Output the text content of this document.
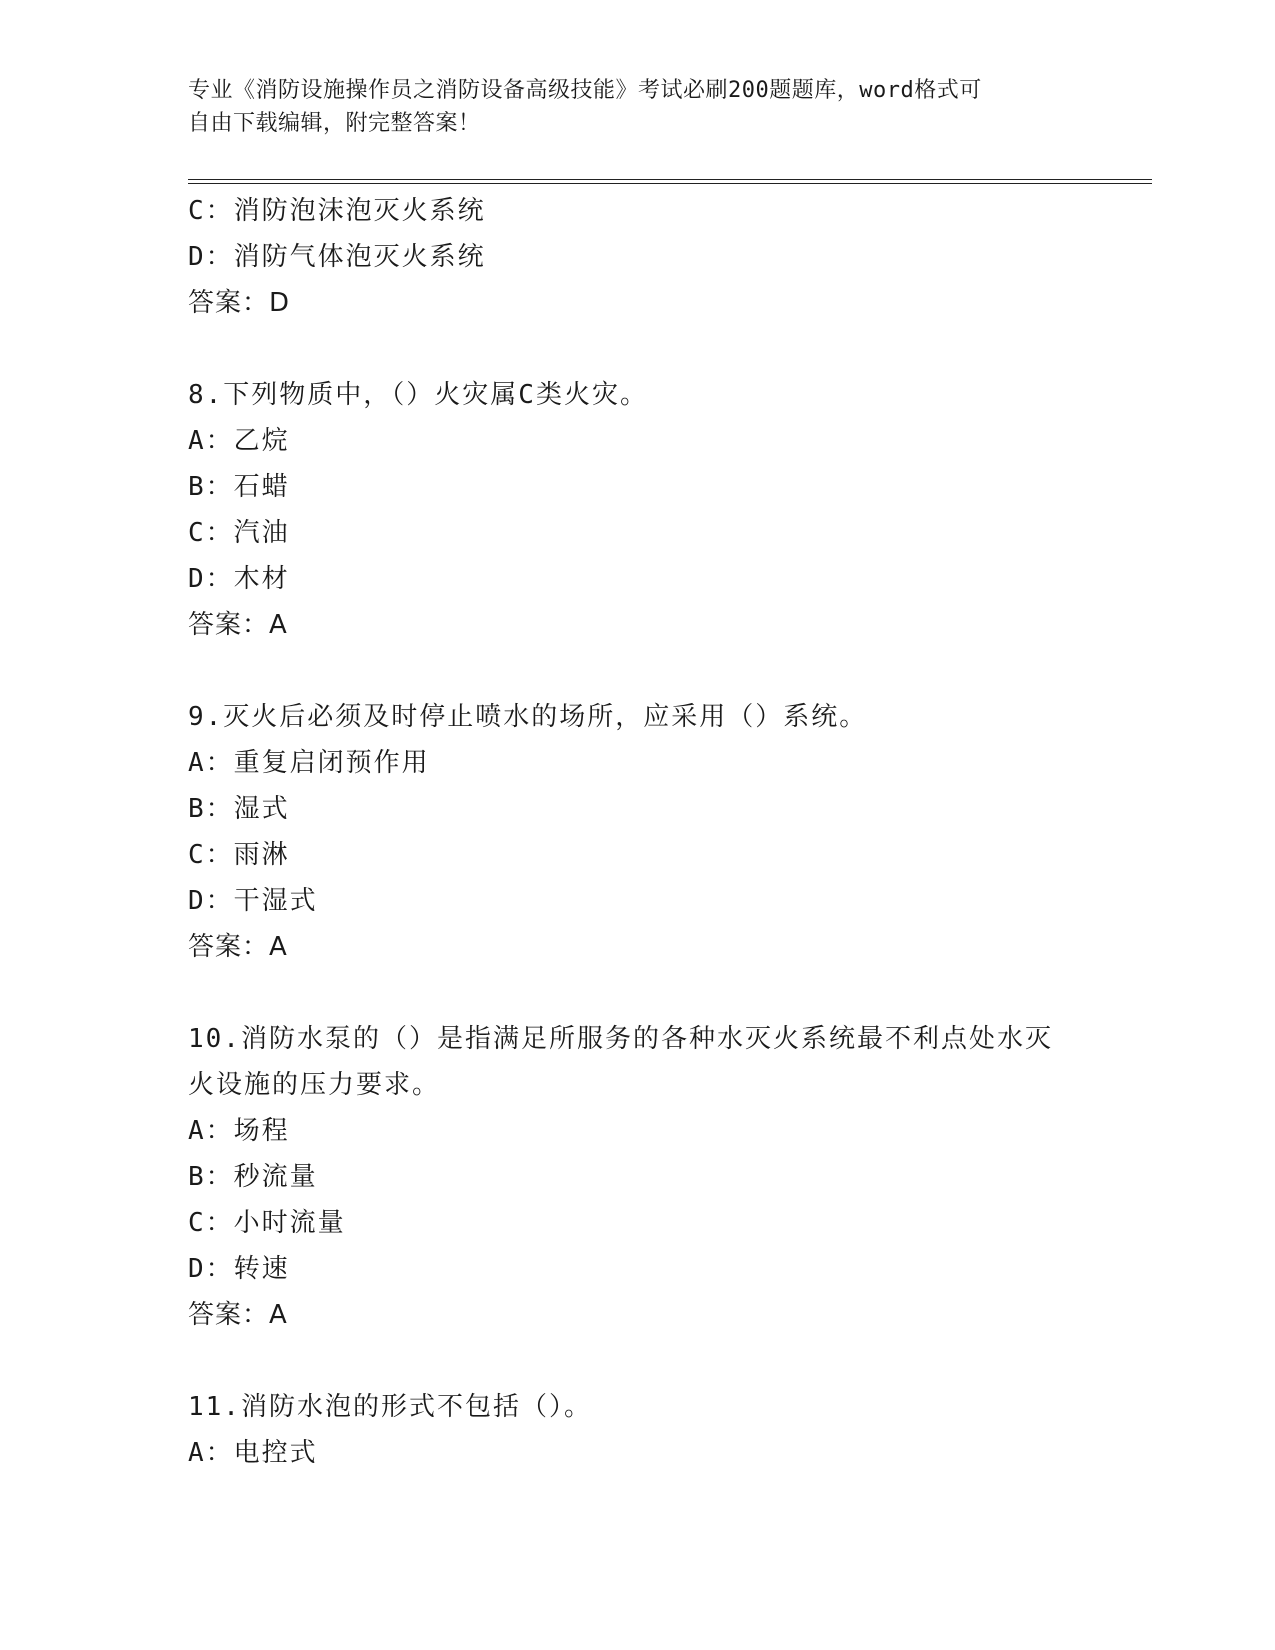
专业《消防设施操作员之消防设备高级技能》考试必刷200题题库，word格式可
自由下载编辑，附完整答案！
C：消防泡沫泡灭火系统
D：消防气体泡灭火系统
答案：D
8.下列物质中，（）火灾属C类火灾。
A：乙烷
B：石蜡
C：汽油
D：木材
答案：A
9.灭火后必须及时停止喷水的场所，应采用（）系统。
A：重复启闭预作用
B：湿式
C：雨淋
D：干湿式
答案：A
10.消防水泵的（）是指满足所服务的各种水灭火系统最不利点处水灭
火设施的压力要求。
A：场程
B：秒流量
C：小时流量
D：转速
答案：A
11.消防水泡的形式不包括（）。
A：电控式
